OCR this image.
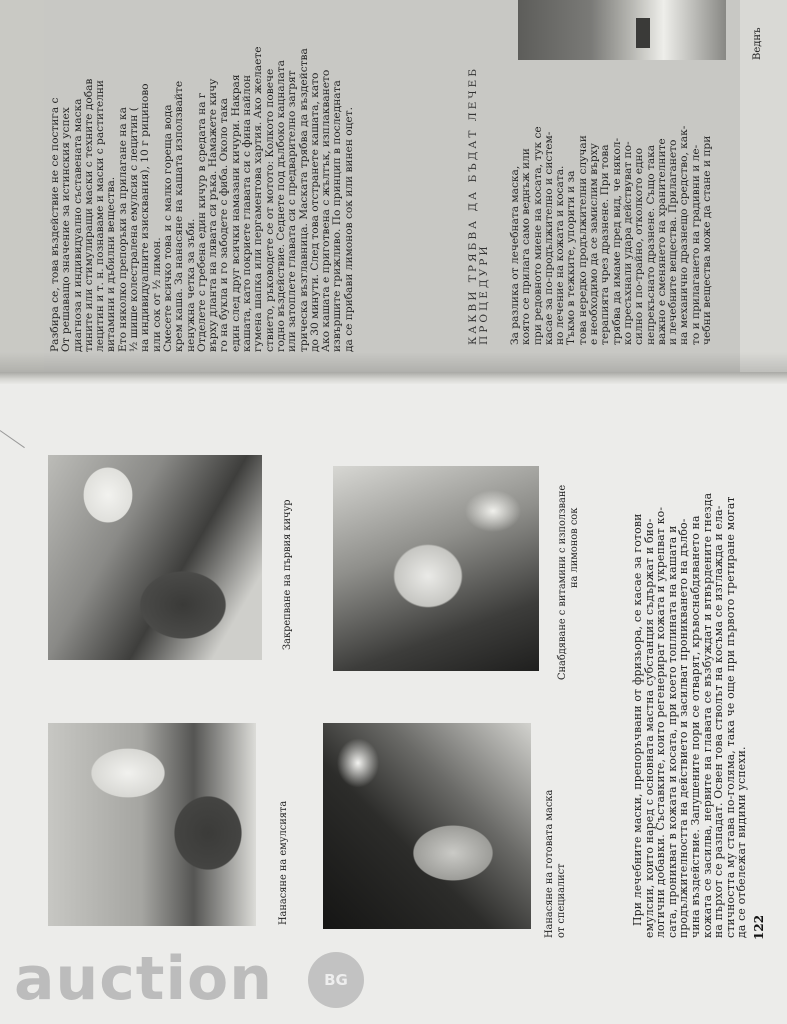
Разбира се, това въздействие не се постига с От решаващо значение за истинския успех диагноза и индивидуално съставената маска тините или стимулиращи маски с техните добав лецитин и т. н. познаваме и маски с растителни витамини и дъбилни вещества. Ето няколко препоръки за прилагане на ка ½ шише колестралена емулсия с лецитин ( на индивидуалните изисквания), 10 г рициново или сок от ½ лимон. Смесете всичко това и с малко гореща вода крем каша. За нанасяне на кашата използвайте ненужна четка за зъби. Отделете с гребена един кичур в средата на г върху дланта на лявата си ръка. Намажете кичу го на букла и го забодете с фиба. Около така един след друг всички намазани кичури. Накрая кашата, като покриете главата си с фина найлон гумена шапка или пергаментова хартия. Ако желаете ствието, ръководете се от мотото: Колкото повече годно въздействие. Седнете под дълбоко кацналата или затоплете главата си с предварително загрят трическа възглавница. Маската трябва да въздейства до 30 минути. След това отстранете кашата, като Ако кашата е приготвена с жълтък, изплакването извършите грижливо. По принцип в последната да се прибави лимонов сок или винен оцет.	КАКВИ ТРЯБВА ДА БЪДАТ ЛЕЧЕБ ПРОЦЕДУРИ За разлика от лечебната маска, която се прилага само веднъж или при редовното миене на косата, тук се касае за по-продължително и систем- но лечение на кожата и косата. Тъкмо в тежките, упорити и за това нередко продължителни случаи е необходимо да се замислим върху терапията чрез дразнене. При това трябва да имаме пред вид, че някол- ко пресъхнали удара действуват по- силно и по-трайно, отколкото едно непрекъснато дразнене. Също така важно е сменянето на хранителните и лечебните вещества. Прилагането на механично дразнещо средство, как- то и прилагането на градивни и ле- чебни вещества може да стане и при
Веднъ
Закрепване на първия кичур	Снабдяване с витамини с използване на лимонов сок
Нанасяне на емулсията	Нанасяне на готовата маска от специалист	При лечебните маски, препоръчвани от фризьора, се касае за готови
емулсии, които наред с основната мастна субстанция съдържат и био-
логични добавки. Съставките, които регенерират кожата и укрепват ко-
сата, проникват в кожата и косата, при което топлината на кашата и
продължителността на действието и засилват проникването на дълбо-
чина въздействие. Запушените пори се отварят, кръвоснабдяването на
кожата се засилва, нервите на главата се възбуждат и втвърдените гнезда
на пърхот се разпадат. Освен това стволът на косъма се изглажда и ела-
стичността му става по-голяма, така че още при първото третиране могат
да се отбележат видими успехи. 122
auction	BG
